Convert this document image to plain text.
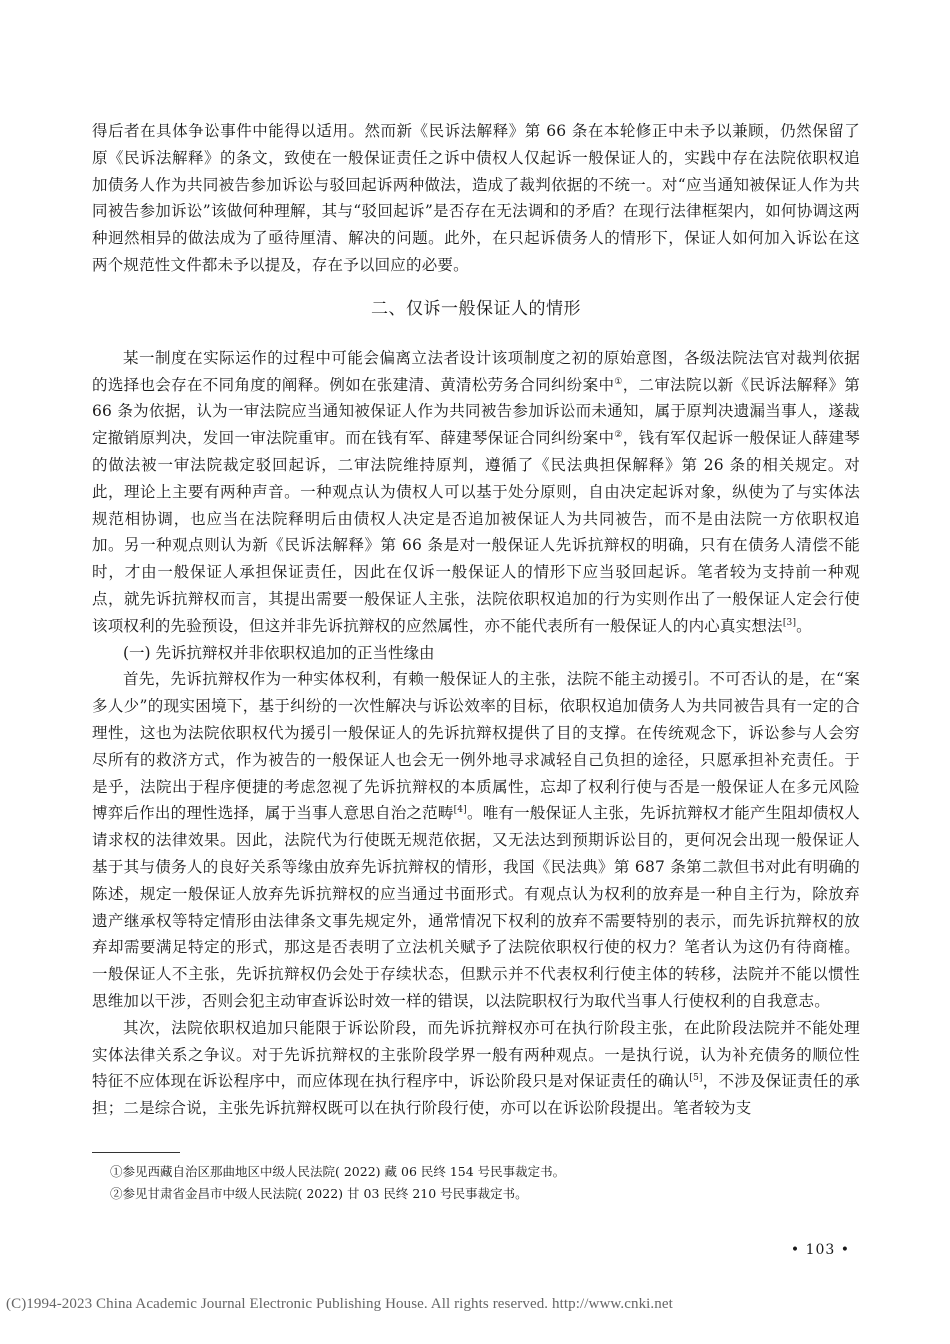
得后者在具体争讼事件中能得以适用。然而新《民诉法解释》第 66 条在本轮修正中未予以兼顾，仍然保留了原《民诉法解释》的条文，致使在一般保证责任之诉中债权人仅起诉一般保证人的，实践中存在法院依职权追加债务人作为共同被告参加诉讼与驳回起诉两种做法，造成了裁判依据的不统一。对“应当通知被保证人作为共同被告参加诉讼”该做何种理解，其与“驳回起诉”是否存在无法调和的矛盾？在现行法律框架内，如何协调这两种迥然相异的做法成为了亟待厘清、解决的问题。此外，在只起诉债务人的情形下，保证人如何加入诉讼在这两个规范性文件都未予以提及，存在予以回应的必要。

二、仅诉一般保证人的情形

某一制度在实际运作的过程中可能会偏离立法者设计该项制度之初的原始意图，各级法院法官对裁判依据的选择也会存在不同角度的阐释。例如在张建清、黄清松劳务合同纠纷案中①，二审法院以新《民诉法解释》第 66 条为依据，认为一审法院应当通知被保证人作为共同被告参加诉讼而未通知，属于原判决遗漏当事人，遂裁定撤销原判决，发回一审法院重审。而在钱有军、薛建琴保证合同纠纷案中②，钱有军仅起诉一般保证人薛建琴的做法被一审法院裁定驳回起诉，二审法院维持原判，遵循了《民法典担保解释》第 26 条的相关规定。对此，理论上主要有两种声音。一种观点认为债权人可以基于处分原则，自由决定起诉对象，纵使为了与实体法规范相协调，也应当在法院释明后由债权人决定是否追加被保证人为共同被告，而不是由法院一方依职权追加。另一种观点则认为新《民诉法解释》第 66 条是对一般保证人先诉抗辩权的明确，只有在债务人清偿不能时，才由一般保证人承担保证责任，因此在仅诉一般保证人的情形下应当驳回起诉。笔者较为支持前一种观点，就先诉抗辩权而言，其提出需要一般保证人主张，法院依职权追加的行为实则作出了一般保证人定会行使该项权利的先验预设，但这并非先诉抗辩权的应然属性，亦不能代表所有一般保证人的内心真实想法[3]。

(一) 先诉抗辩权并非依职权追加的正当性缘由

首先，先诉抗辩权作为一种实体权利，有赖一般保证人的主张，法院不能主动援引。不可否认的是，在“案多人少”的现实困境下，基于纠纷的一次性解决与诉讼效率的目标，依职权追加债务人为共同被告具有一定的合理性，这也为法院依职权代为援引一般保证人的先诉抗辩权提供了目的支撑。在传统观念下，诉讼参与人会穷尽所有的救济方式，作为被告的一般保证人也会无一例外地寻求减轻自己负担的途径，只愿承担补充责任。于是乎，法院出于程序便捷的考虑忽视了先诉抗辩权的本质属性，忘却了权利行使与否是一般保证人在多元风险博弈后作出的理性选择，属于当事人意思自治之范畴[4]。唯有一般保证人主张，先诉抗辩权才能产生阻却债权人请求权的法律效果。因此，法院代为行使既无规范依据，又无法达到预期诉讼目的，更何况会出现一般保证人基于其与债务人的良好关系等缘由放弃先诉抗辩权的情形，我国《民法典》第 687 条第二款但书对此有明确的陈述，规定一般保证人放弃先诉抗辩权的应当通过书面形式。有观点认为权利的放弃是一种自主行为，除放弃遗产继承权等特定情形由法律条文事先规定外，通常情况下权利的放弃不需要特别的表示，而先诉抗辩权的放弃却需要满足特定的形式，那这是否表明了立法机关赋予了法院依职权行使的权力？笔者认为这仍有待商榷。一般保证人不主张，先诉抗辩权仍会处于存续状态，但默示并不代表权利行使主体的转移，法院并不能以惯性思维加以干涉，否则会犯主动审查诉讼时效一样的错误，以法院职权行为取代当事人行使权利的自我意志。

其次，法院依职权追加只能限于诉讼阶段，而先诉抗辩权亦可在执行阶段主张，在此阶段法院并不能处理实体法律关系之争议。对于先诉抗辩权的主张阶段学界一般有两种观点。一是执行说，认为补充债务的顺位性特征不应体现在诉讼程序中，而应体现在执行程序中，诉讼阶段只是对保证责任的确认[5]，不涉及保证责任的承担；二是综合说，主张先诉抗辩权既可以在执行阶段行使，亦可以在诉讼阶段提出。笔者较为支

①参见西藏自治区那曲地区中级人民法院( 2022) 藏 06 民终 154 号民事裁定书。
②参见甘肃省金昌市中级人民法院( 2022) 甘 03 民终 210 号民事裁定书。
• 103 •
(C)1994-2023 China Academic Journal Electronic Publishing House. All rights reserved. http://www.cnki.net
